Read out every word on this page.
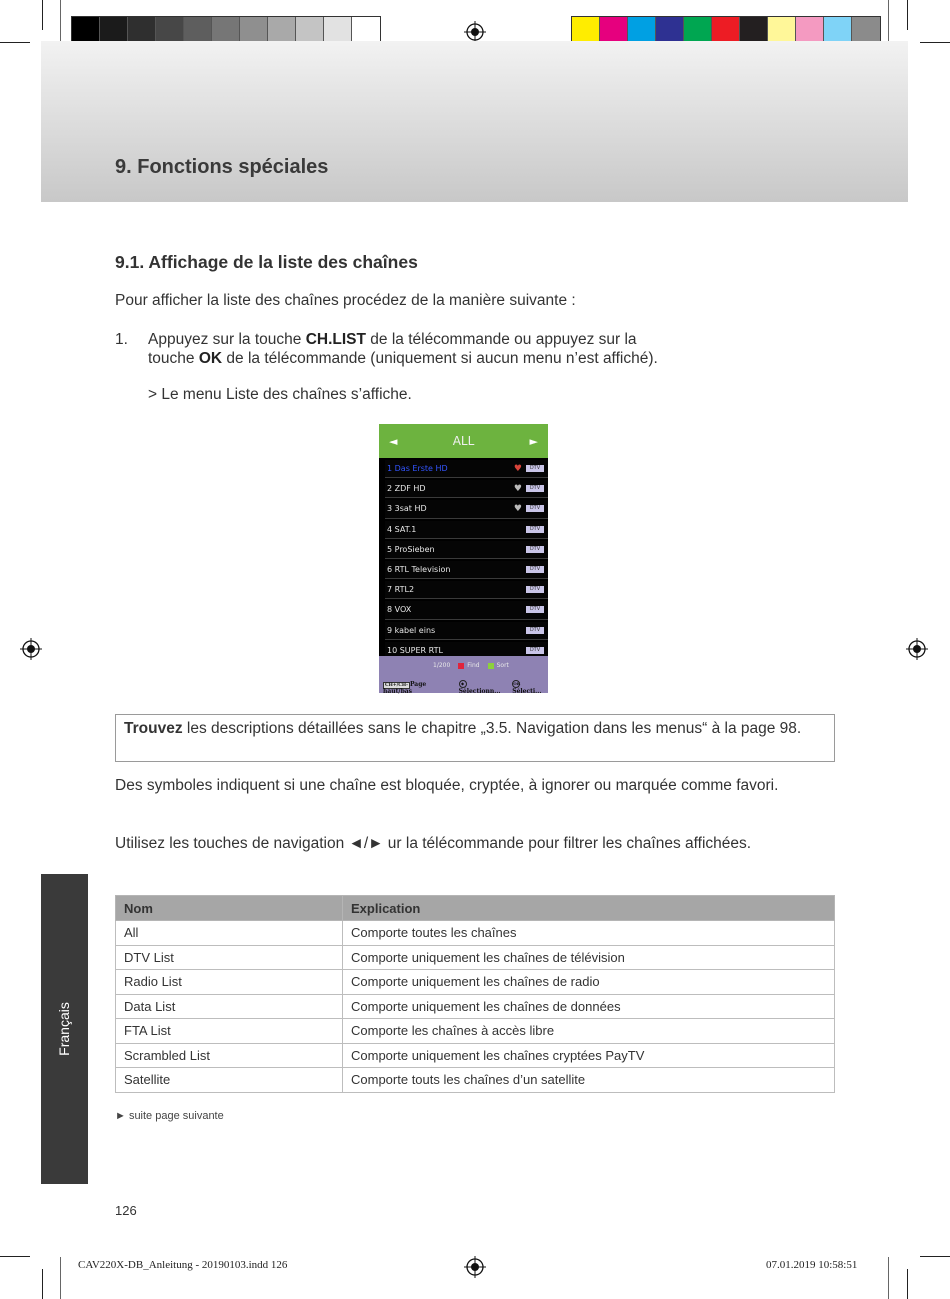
9. Fonctions spéciales
9.1. Affichage de la liste des chaînes
Pour afficher la liste des chaînes procédez de la manière suivante :
1. Appuyez sur la touche CH.LIST de la télécommande ou appuyez sur la
touche OK de la télécommande (uniquement si aucun menu n’est affiché).
> Le menu Liste des chaînes s’affiche.
◄	ALL	►
1 Das Erste HD	♥	DTV
2 ZDF HD	♥	DTV
3 3sat HD	♥	DTV
4 SAT.1	DTV
5 ProSieben	DTV
6 RTL Television	DTV
7 RTL2	DTV
8 VOX	DTV
9 kabel eins	DTV
10 SUPER RTL	DTV
1/200	Find	Sort
CH+/CH- Page haut/bas
◆Sélectionn...
OKSélecti...
Trouvez les descriptions détaillées sans le chapitre „3.5. Navigation dans les menus“ à la page 98.
Des symboles indiquent si une chaîne est bloquée, cryptée, à ignorer ou marquée comme favori.
Utilisez les touches de navigation ◄/► ur la télécommande pour filtrer les chaînes affichées.
Nom	Explication
All	Comporte toutes les chaînes
DTV List	Comporte uniquement les chaînes de télévision
Radio List	Comporte uniquement les chaînes de radio
Data List	Comporte uniquement les chaînes de données
FTA List	Comporte les chaînes à accès libre
Scrambled List	Comporte uniquement les chaînes cryptées PayTV
Satellite	Comporte touts les chaînes d’un satellite
► suite page suivante
Français
126
CAV220X-DB_Anleitung - 20190103.indd 126	07.01.2019 10:58:51
